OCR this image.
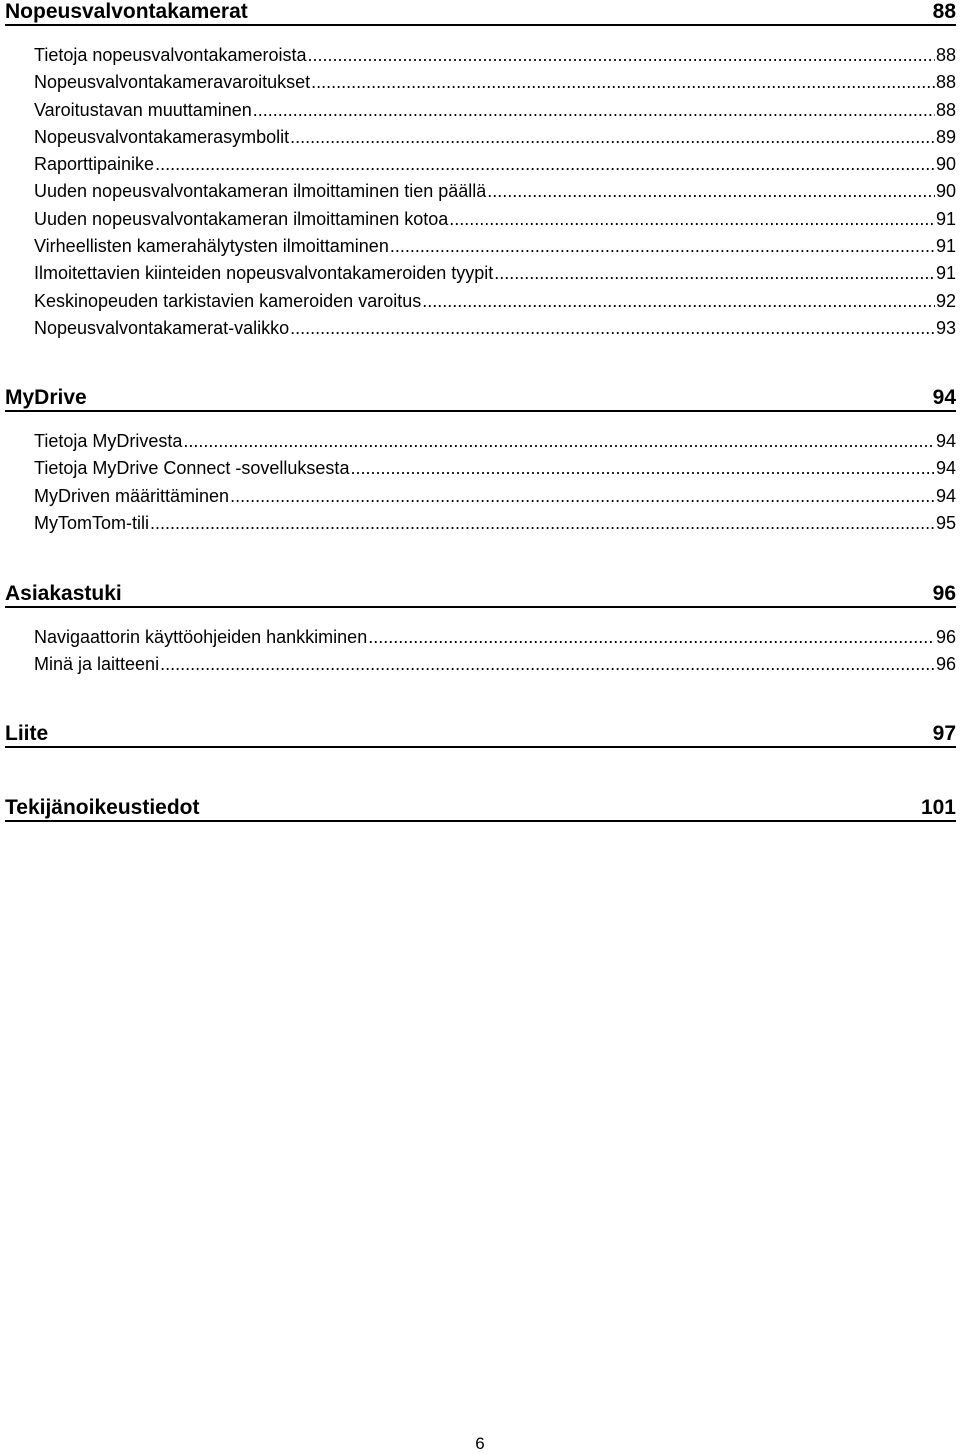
Nopeusvalvontakamerat	88
Tietoja nopeusvalvontakameroista .....	88
Nopeusvalvontakameravaroitukset .....	88
Varoitustavan muuttaminen .....	88
Nopeusvalvontakamerasymbolit .....	89
Raporttipainike .....	90
Uuden nopeusvalvontakameran ilmoittaminen tien päällä .....	90
Uuden nopeusvalvontakameran ilmoittaminen kotoa .....	91
Virheellisten kamerahälytysten ilmoittaminen .....	91
Ilmoitettavien kiinteiden nopeusvalvontakameroiden tyypit .....	91
Keskinopeuden tarkistavien kameroiden varoitus .....	92
Nopeusvalvontakamerat-valikko .....	93
MyDrive	94
Tietoja MyDrivesta .....	94
Tietoja MyDrive Connect -sovelluksesta .....	94
MyDriven määrittäminen .....	94
MyTomTom-tili .....	95
Asiakastuki	96
Navigaattorin käyttöohjeiden hankkiminen .....	96
Minä ja laitteeni .....	96
Liite	97
Tekijänoikeustiedot	101
6
